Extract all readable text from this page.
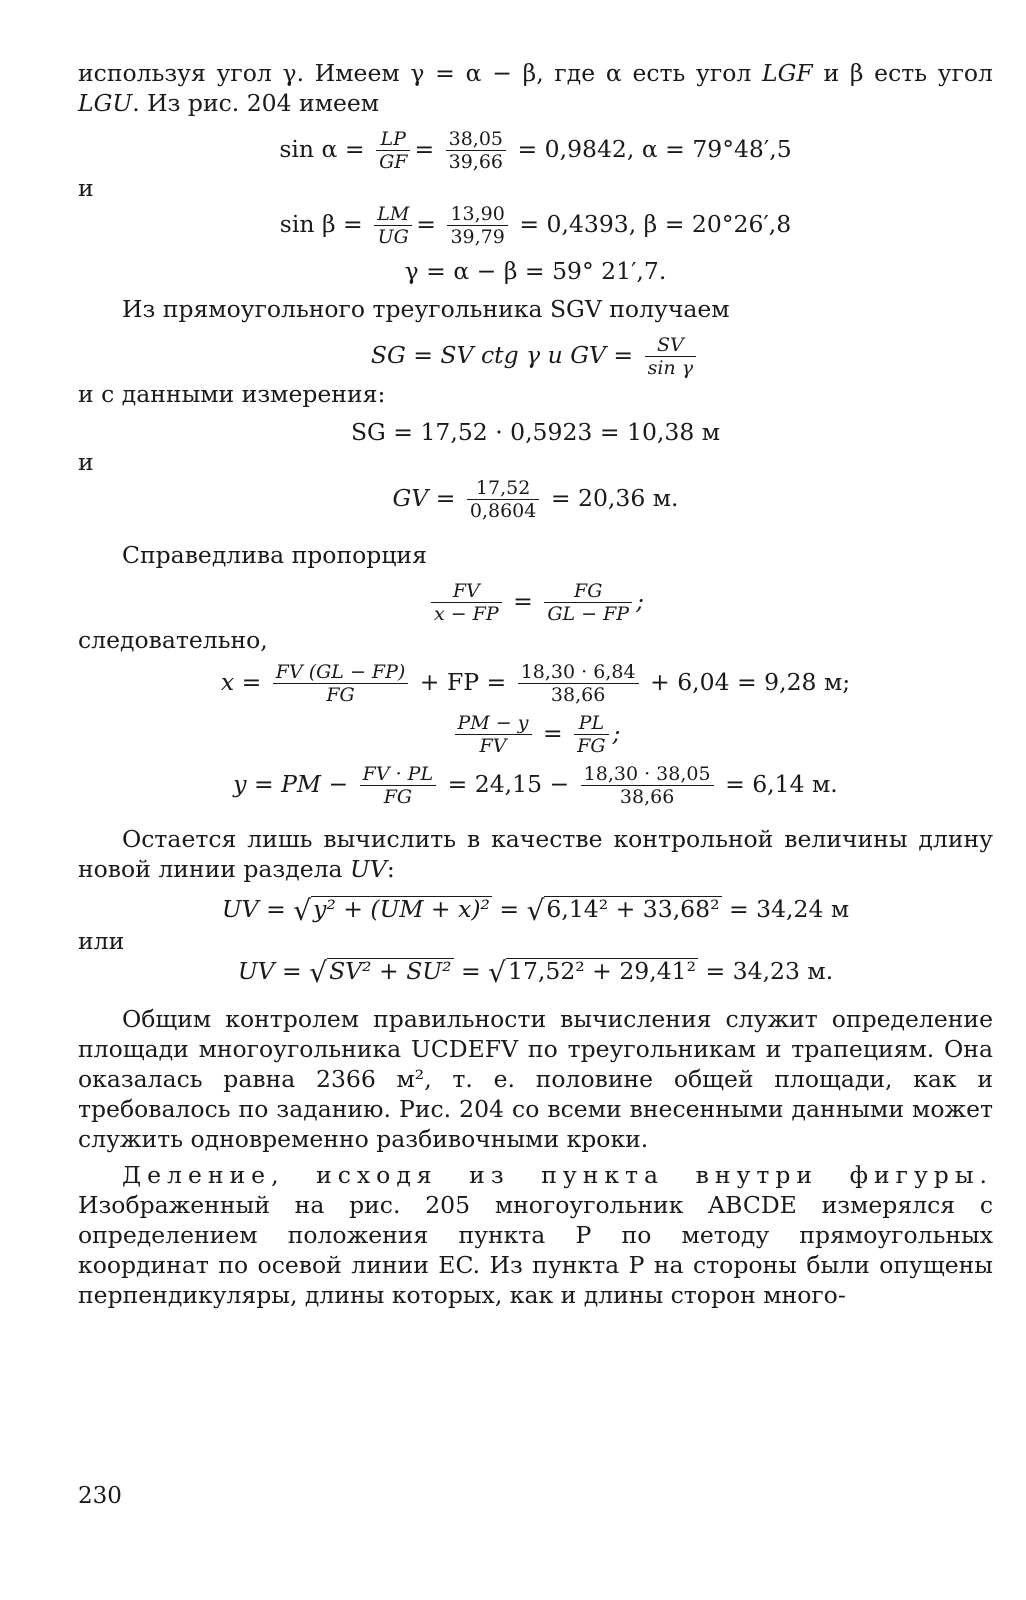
используя угол γ. Имеем γ = α − β, где α есть угол LGF и β есть угол LGU. Из рис. 204 имеем

$\sin \alpha = \frac{LP}{GF} = \frac{38,05}{39,66} = 0,9842$, α = 79°48′,5

и

$\sin \beta = \frac{LM}{UG} = \frac{13,90}{39,79} = 0,4393$, β = 20°26′,8

γ = α − β = 59° 21′,7.

Из прямоугольного треугольника SGV получаем

SG = SV ctg γ и GV = $\frac{SV}{\text{sin γ}}$

и с данными измерения:

SG = 17,52 · 0,5923 = 10,38 м

и

GV = $\frac{17,52}{0,8604} = 20,36$ м.

Справедлива пропорция

$\frac{FV}{x - FP} = \frac{FG}{GL - FP}$ ;

следовательно,

$x = \frac{FV (GL - FP)}{FG}$ + FP = $\frac{18,30 \cdot 6,84}{38,66} + 6,04 = 9,28$ м;

$\frac{PM - y}{FV} = \frac{PL}{FG}$ ;

y = PM − $\frac{FV \cdot PL}{FG} = 24,15 - \frac{18,30 \cdot 38,05}{38,66} = 6,14$ м.

Остается лишь вычислить в качестве контрольной величины длину новой линии раздела UV:

UV = √y² + (UM + x)² = √6,14² + 33,68² = 34,24 м

или

UV = √SV² + SU² = √17,52² + 29,41² = 34,23 м.

Общим контролем правильности вычисления служит определение площади многоугольника UCDEFV по треугольникам и трапециям. Она оказалась равна 2366 м², т. е. половине общей площади, как и требовалось по заданию. Рис. 204 со всеми внесенными данными может служить одновременно разбивочными кроки.

Деление, исходя из пункта внутри фигуры. Изображенный на рис. 205 многоугольник ABCDE измерялся с определением положения пункта P по методу прямоугольных координат по осевой линии EC. Из пункта P на стороны были опущены перпендикуляры, длины которых, как и длины сторон много-

230
